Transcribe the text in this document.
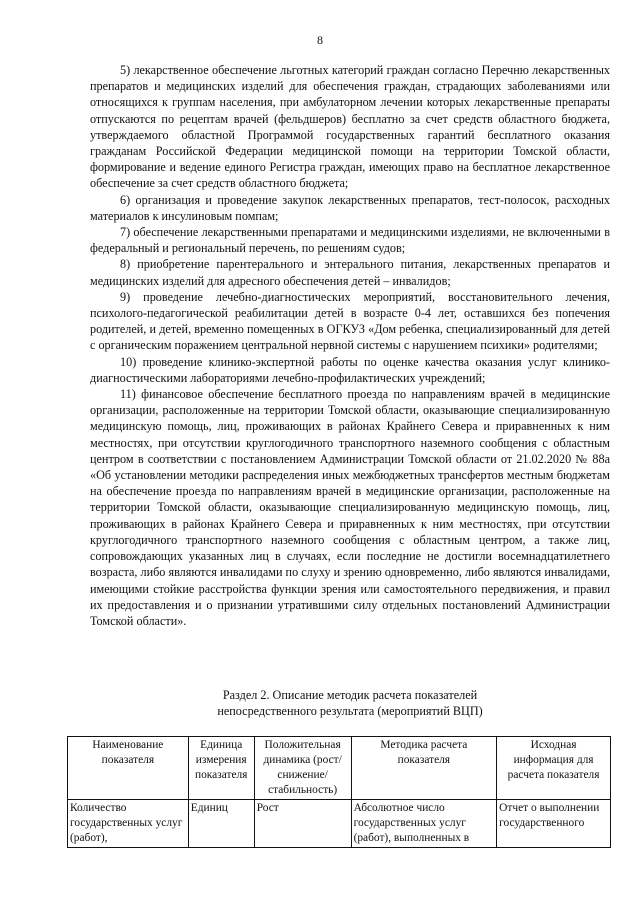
8

5) лекарственное обеспечение льготных категорий граждан согласно Перечню лекарственных препаратов и медицинских изделий для обеспечения граждан, страдающих заболеваниями или относящихся к группам населения, при амбулаторном лечении которых лекарственные препараты отпускаются по рецептам врачей (фельдшеров) бесплатно за счет средств областного бюджета, утверждаемого областной Программой государственных гарантий бесплатного оказания гражданам Российской Федерации медицинской помощи на территории Томской области, формирование и ведение единого Регистра граждан, имеющих право на бесплатное лекарственное обеспечение за счет средств областного бюджета;

6) организация и проведение закупок лекарственных препаратов, тест-полосок, расходных материалов к инсулиновым помпам;

7) обеспечение лекарственными препаратами и медицинскими изделиями, не включенными в федеральный и региональный перечень, по решениям судов;

8) приобретение парентерального и энтерального питания, лекарственных препаратов и медицинских изделий для адресного обеспечения детей – инвалидов;

9) проведение лечебно-диагностических мероприятий, восстановительного лечения, психолого-педагогической реабилитации детей в возрасте 0-4 лет, оставшихся без попечения родителей, и детей, временно помещенных в ОГКУЗ «Дом ребенка, специализированный для детей с органическим поражением центральной нервной системы с нарушением психики» родителями;

10) проведение клинико-экспертной работы по оценке качества оказания услуг клинико-диагностическими лабораториями лечебно-профилактических учреждений;

11) финансовое обеспечение бесплатного проезда по направлениям врачей в медицинские организации, расположенные на территории Томской области, оказывающие специализированную медицинскую помощь, лиц, проживающих в районах Крайнего Севера и приравненных к ним местностях, при отсутствии круглогодичного транспортного наземного сообщения с областным центром в соответствии с постановлением Администрации Томской области от 21.02.2020 № 88а «Об установлении методики распределения иных межбюджетных трансфертов местным бюджетам на обеспечение проезда по направлениям врачей в медицинские организации, расположенные на территории Томской области, оказывающие специализированную медицинскую помощь, лиц, проживающих в районах Крайнего Севера и приравненных к ним местностях, при отсутствии круглогодичного транспортного наземного сообщения с областным центром, а также лиц, сопровождающих указанных лиц в случаях, если последние не достигли восемнадцатилетнего возраста, либо являются инвалидами по слуху и зрению одновременно, либо являются инвалидами, имеющими стойкие расстройства функции зрения или самостоятельного передвижения, и правил их предоставления и о признании утратившими силу отдельных постановлений Администрации Томской области».

Раздел 2. Описание методик расчета показателей
непосредственного результата (мероприятий ВЦП)
Наименование показателя	Единица измерения показателя	Положительная динамика (рост/снижение/ стабильность)	Методика расчета показателя	Исходная информация для расчета показателя
Количество государственных услуг (работ),	Единиц	Рост	Абсолютное число государственных услуг (работ), выполненных в	Отчет о выполнении государственного
